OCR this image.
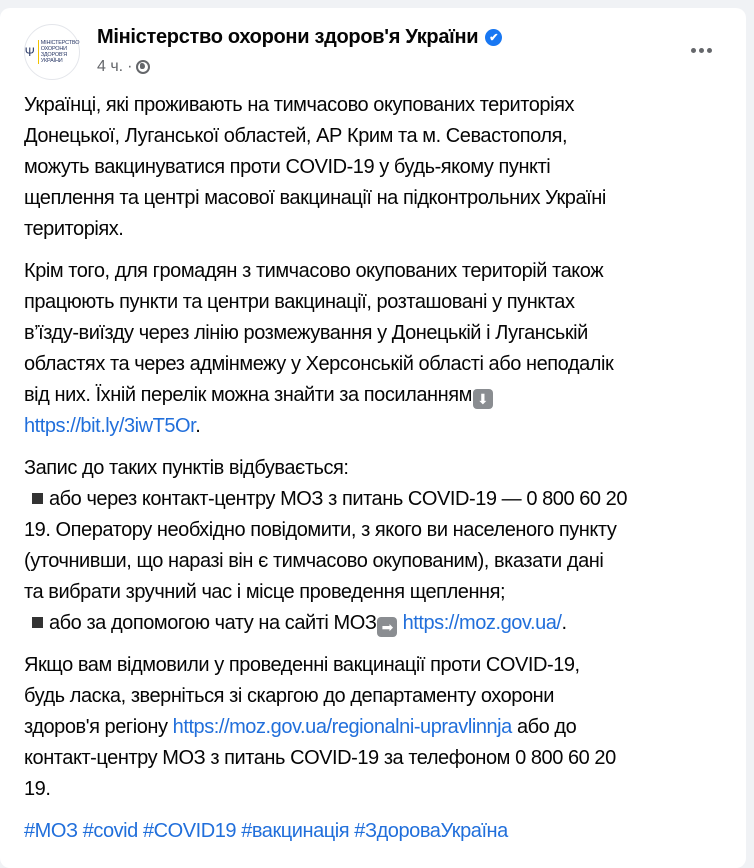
Ψ
МІНІСТЕРСТВО
ОХОРОНИ
ЗДОРОВ'Я
УКРАЇНИ
Міністерство охорони здоров'я України	✔
4 ч. ·
Українці, які проживають на тимчасово окупованих територіях
Донецької, Луганської областей, АР Крим та м. Севастополя,
можуть вакцинуватися проти COVID-19 у будь-якому пункті
щеплення та центрі масової вакцинації на підконтрольних Україні
територіях.
Крім того, для громадян з тимчасово окупованих територій також
працюють пункти та центри вакцинації, розташовані у пунктах
в’їзду-виїзду через лінію розмежування у Донецькій і Луганській
областях та через адмінмежу у Херсонській області або неподалік
від них. Їхній перелік можна знайти за посиланням ⬇
https://bit.ly/3iwT5Or.
Запис до таких пунктів відбувається:
або через контакт-центру МОЗ з питань COVID-19 — 0 800 60 20
19. Оператору необхідно повідомити, з якого ви населеного пункту
(уточнивши, що наразі він є тимчасово окупованим), вказати дані
та вибрати зручний час і місце проведення щеплення;
або за допомогою чату на сайті МОЗ ➡ https://moz.gov.ua/.
Якщо вам відмовили у проведенні вакцинації проти COVID-19,
будь ласка, зверніться зі скаргою до департаменту охорони
здоров'я регіону https://moz.gov.ua/regionalni-upravlinnja або до
контакт-центру МОЗ з питань COVID-19 за телефоном 0 800 60 20
19.
#МОЗ #covid #COVID19 #вакцинація #ЗдороваУкраїна
